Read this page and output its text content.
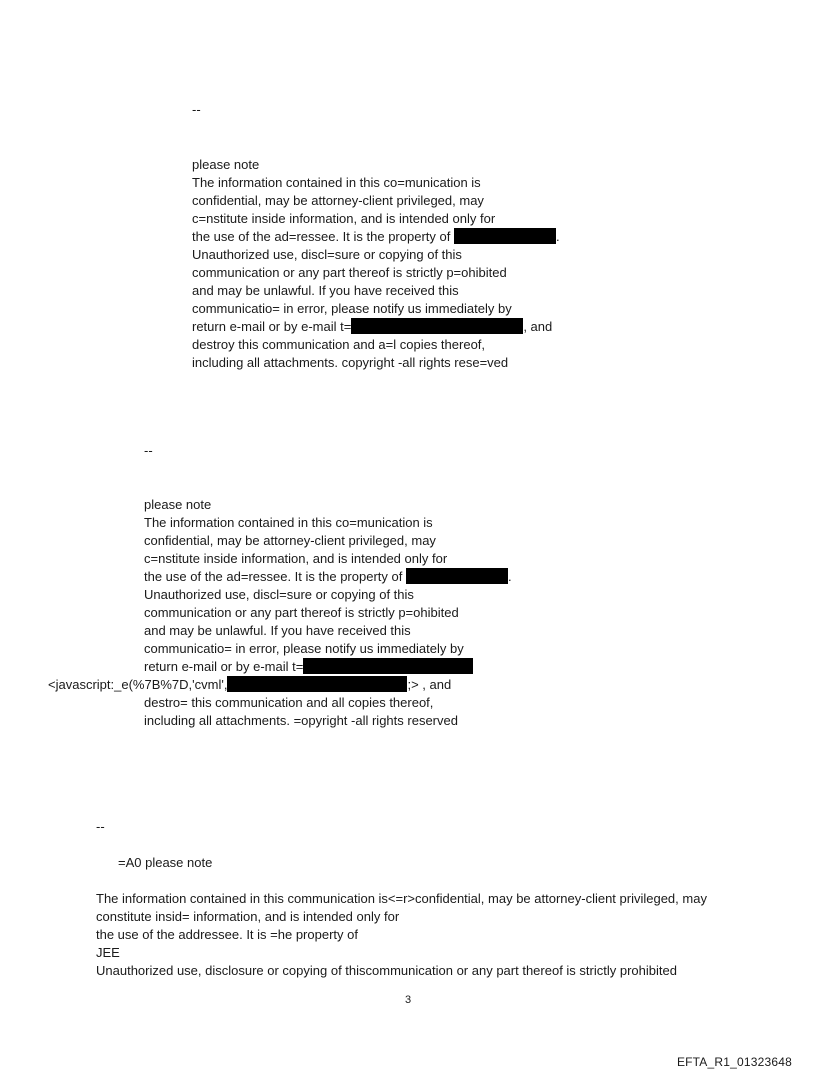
--
please note
The information contained in this co=munication is
confidential, may be attorney-client privileged, may
c=nstitute inside information, and is intended only for
the use of the ad=ressee. It is the property of	.
Unauthorized use, discl=sure or copying of this
communication or any part thereof is strictly p=ohibited
and may be unlawful. If you have received this
communicatio= in error, please notify us immediately by
return e-mail or by e-mail t=	, and
destroy this communication and a=l copies thereof,
including all attachments. copyright -all rights rese=ved
--
please note
The information contained in this co=munication is
confidential, may be attorney-client privileged, may
c=nstitute inside information, and is intended only for
the use of the ad=ressee. It is the property of	.
Unauthorized use, discl=sure or copying of this
communication or any part thereof is strictly p=ohibited
and may be unlawful. If you have received this
communicatio= in error, please notify us immediately by
return e-mail or by e-mail t=
<javascript:_e(%7B%7D,'cvml',	;> , and
destro= this communication and all copies thereof,
including all attachments. =opyright -all rights reserved
--
=A0 please note
The information contained in this communication is<=r>confidential, may be attorney-client privileged, may
constitute insid= information, and is intended only for
the use of the addressee. It is =he property of
JEE
Unauthorized use, disclosure or copying of thiscommunication or any part thereof is strictly prohibited
3
EFTA_R1_01323648
